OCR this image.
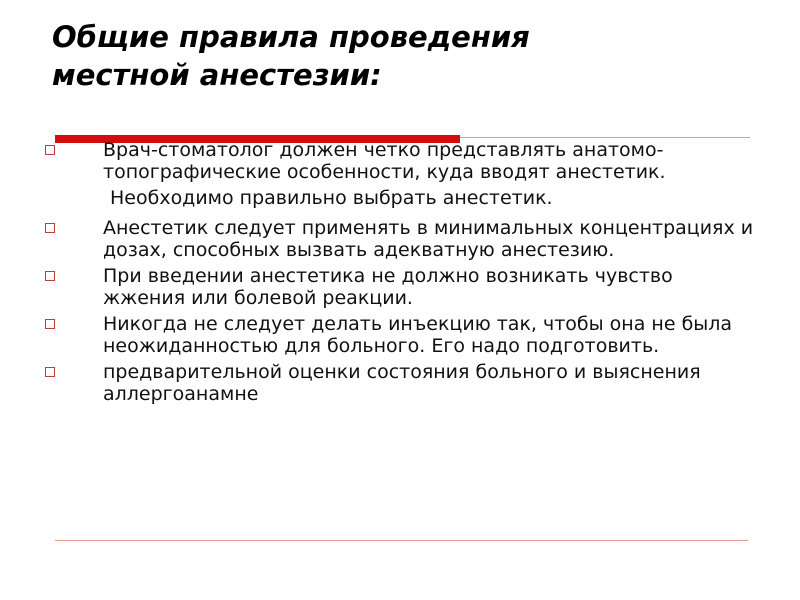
Общие правила проведения
местной анестезии:
Врач-стоматолог должен четко представлять анатомо-топографические особенности, куда вводят анестетик.
Необходимо правильно выбрать анестетик.
Анестетик следует применять в минимальных концентрациях и дозах, способных вызвать адекватную анестезию.
При введении анестетика не должно возникать чувство жжения или болевой реакции.
Никогда не следует делать инъекцию так, чтобы она не была неожиданностью для больного. Его надо подготовить.
предварительной оценки состояния больного и выяснения аллергоанамне
